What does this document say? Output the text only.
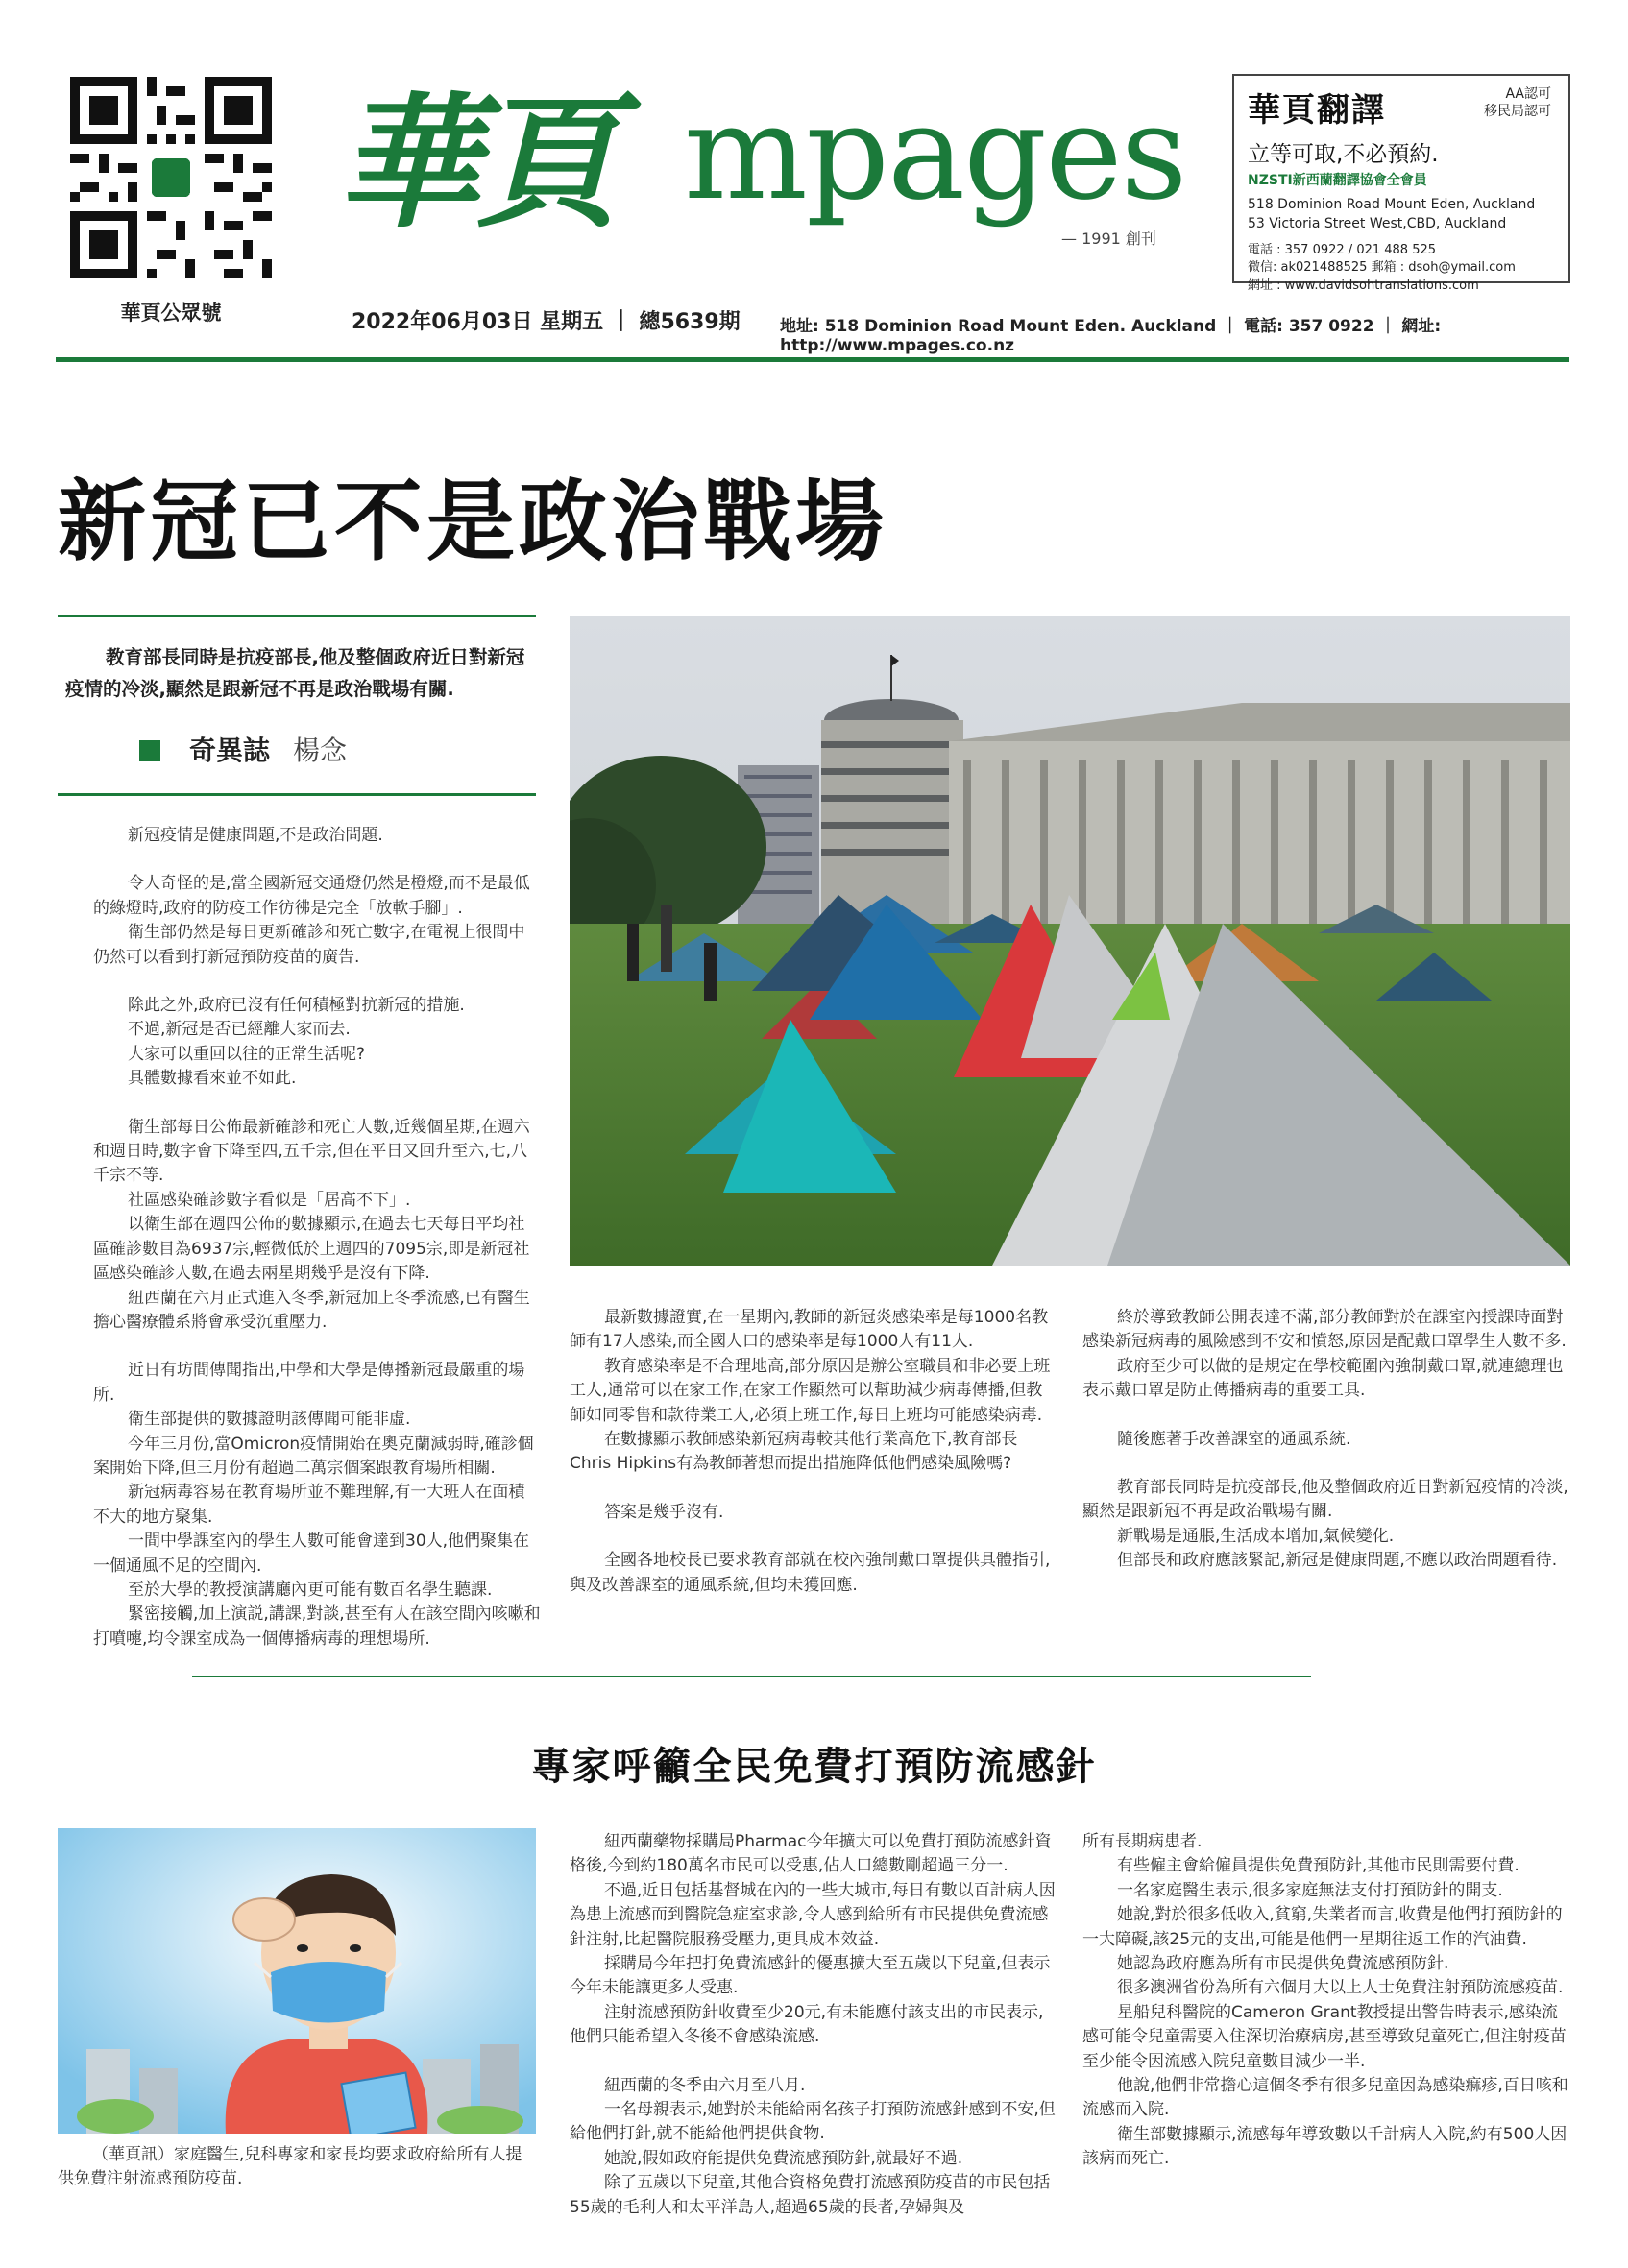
華頁公眾號
華頁 mpages
— 1991 創刊
華頁翻譯	AA認可
移民局認可
立等可取,不必預約.
NZSTI新西蘭翻譯協會全會員
518 Dominion Road Mount Eden, Auckland
53 Victoria Street West,CBD, Auckland
電話 : 357 0922 / 021 488 525
微信: ak021488525 郵箱 : dsoh@ymail.com
網址 : www.davidsohtranslations.com
2022年06月03日 星期五 ｜ 總5639期 地址: 518 Dominion Road Mount Eden. Auckland ｜ 電話: 357 0922 ｜ 網址: http://www.mpages.co.nz
新冠已不是政治戰場
教育部長同時是抗疫部長,他及整個政府近日對新冠疫情的冷淡,顯然是跟新冠不再是政治戰場有關.
奇異誌 楊念

新冠疫情是健康問題,不是政治問題.

令人奇怪的是,當全國新冠交通燈仍然是橙燈,而不是最低的綠燈時,政府的防疫工作彷彿是完全「放軟手腳」.

衛生部仍然是每日更新確診和死亡數字,在電視上很間中仍然可以看到打新冠預防疫苗的廣告.

除此之外,政府已沒有任何積極對抗新冠的措施.

不過,新冠是否已經離大家而去.

大家可以重回以往的正常生活呢?

具體數據看來並不如此.

衛生部每日公佈最新確診和死亡人數,近幾個星期,在週六和週日時,數字會下降至四,五千宗,但在平日又回升至六,七,八千宗不等.

社區感染確診數字看似是「居高不下」.

以衛生部在週四公佈的數據顯示,在過去七天每日平均社區確診數目為6937宗,輕微低於上週四的7095宗,即是新冠社區感染確診人數,在過去兩星期幾乎是沒有下降.

紐西蘭在六月正式進入冬季,新冠加上冬季流感,已有醫生擔心醫療體系將會承受沉重壓力.

近日有坊間傳聞指出,中學和大學是傳播新冠最嚴重的場所.

衛生部提供的數據證明該傳聞可能非虛.

今年三月份,當Omicron疫情開始在奧克蘭減弱時,確診個案開始下降,但三月份有超過二萬宗個案跟教育場所相關.

新冠病毒容易在教育場所並不難理解,有一大班人在面積不大的地方聚集.

一間中學課室內的學生人數可能會達到30人,他們聚集在一個通風不足的空間內.

至於大學的教授演講廳內更可能有數百名學生聽課.

緊密接觸,加上演説,講課,對談,甚至有人在該空間內咳嗽和打噴嚏,均令課室成為一個傳播病毒的理想場所.

最新數據證實,在一星期內,教師的新冠炎感染率是每1000名教師有17人感染,而全國人口的感染率是每1000人有11人.

教育感染率是不合理地高,部分原因是辦公室職員和非必要上班工人,通常可以在家工作,在家工作顯然可以幫助減少病毒傳播,但教師如同零售和款待業工人,必須上班工作,每日上班均可能感染病毒.

在數據顯示教師感染新冠病毒較其他行業高危下,教育部長Chris Hipkins有為教師著想而提出措施降低他們感染風險嗎?

答案是幾乎沒有.

全國各地校長已要求教育部就在校內強制戴口罩提供具體指引,與及改善課室的通風系統,但均未獲回應.

終於導致教師公開表達不滿,部分教師對於在課室內授課時面對感染新冠病毒的風險感到不安和憤怒,原因是配戴口罩學生人數不多.

政府至少可以做的是規定在學校範圍內強制戴口罩,就連總理也表示戴口罩是防止傳播病毒的重要工具.

隨後應著手改善課室的通風系統.

教育部長同時是抗疫部長,他及整個政府近日對新冠疫情的冷淡,顯然是跟新冠不再是政治戰場有關.

新戰場是通脹,生活成本增加,氣候變化.

但部長和政府應該緊記,新冠是健康問題,不應以政治問題看待.

專家呼籲全民免費打預防流感針
（華頁訊）家庭醫生,兒科專家和家長均要求政府給所有人提供免費注射流感預防疫苗.

紐西蘭藥物採購局Pharmac今年擴大可以免費打預防流感針資格後,今到約180萬名市民可以受惠,佔人口總數剛超過三分一.

不過,近日包括基督城在內的一些大城市,每日有數以百計病人因為患上流感而到醫院急症室求診,令人感到給所有市民提供免費流感針注射,比起醫院服務受壓力,更具成本效益.

採購局今年把打免費流感針的優惠擴大至五歲以下兒童,但表示今年未能讓更多人受惠.

注射流感預防針收費至少20元,有未能應付該支出的市民表示,他們只能希望入冬後不會感染流感.

紐西蘭的冬季由六月至八月.

一名母親表示,她對於未能給兩名孩子打預防流感針感到不安,但給他們打針,就不能給他們提供食物.

她說,假如政府能提供免費流感預防針,就最好不過.

除了五歲以下兒童,其他合資格免費打流感預防疫苗的市民包括55歲的毛利人和太平洋島人,超過65歲的長者,孕婦與及

所有長期病患者.

有些僱主會給僱員提供免費預防針,其他市民則需要付費.

一名家庭醫生表示,很多家庭無法支付打預防針的開支.

她說,對於很多低收入,貧窮,失業者而言,收費是他們打預防針的一大障礙,該25元的支出,可能是他們一星期往返工作的汽油費.

她認為政府應為所有市民提供免費流感預防針.

很多澳洲省份為所有六個月大以上人士免費注射預防流感疫苗.

星船兒科醫院的Cameron Grant教授提出警告時表示,感染流感可能令兒童需要入住深切治療病房,甚至導致兒童死亡,但注射疫苗至少能令因流感入院兒童數目減少一半.

他說,他們非常擔心這個冬季有很多兒童因為感染痲疹,百日咳和流感而入院.

衛生部數據顯示,流感每年導致數以千計病人入院,約有500人因該病而死亡.
